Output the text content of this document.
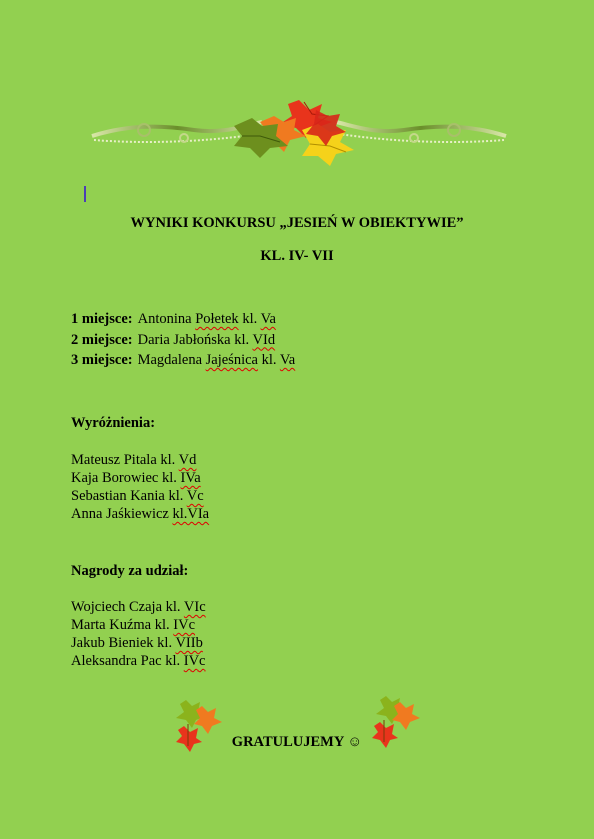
WYNIKI KONKURSU „JESIEŃ W OBIEKTYWIE”
KL. IV- VII
1 miejsce: Antonina Połetek kl. Va
2 miejsce: Daria Jabłońska kl. VId
3 miejsce: Magdalena Jajeśnica kl. Va
Wyróżnienia:
Mateusz Pitala kl. Vd
Kaja Borowiec kl. IVa
Sebastian Kania kl. Vc
Anna Jaśkiewicz kl.VIa
Nagrody za udział:
Wojciech Czaja kl. VIc
Marta Kuźma kl. IVc
Jakub Bieniek kl. VIIb
Aleksandra Pac kl. IVc
GRATULUJEMY ☺
